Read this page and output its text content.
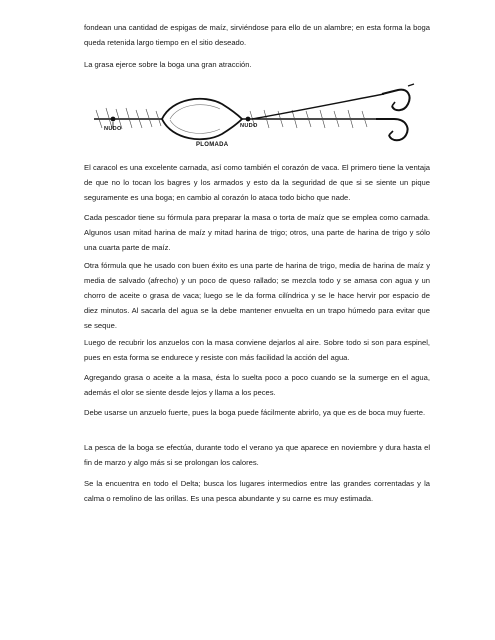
fondean una cantidad de espigas de maíz, sirviéndose para ello de un alambre; en esta forma la boga queda retenida largo tiempo en el sitio deseado.

La grasa ejerce sobre la boga una gran atracción.

NUDO	NUDO
PLOMADA

El caracol es una excelente carnada, así como también el corazón de vaca. El primero tiene la ventaja de que no lo tocan los bagres y los armados y esto da la seguridad de que si se siente un pique seguramente es una boga; en cambio al corazón lo ataca todo bicho que nade.

Cada pescador tiene su fórmula para preparar la masa o torta de maíz que se emplea como carnada. Algunos usan mitad harina de maíz y mitad harina de trigo; otros, una parte de harina de trigo y sólo una cuarta parte de maíz.

Otra fórmula que he usado con buen éxito es una parte de harina de trigo, media de harina de maíz y media de salvado (afrecho) y un poco de queso rallado; se mezcla todo y se amasa con agua y un chorro de aceite o grasa de vaca; luego se le da forma cilíndrica y se le hace hervir por espacio de diez minutos. Al sacarla del agua se la debe mantener envuelta en un trapo húmedo para evitar que se seque.

Luego de recubrir los anzuelos con la masa conviene dejarlos al aire. Sobre todo si son para espinel, pues en esta forma se endurece y resiste con más facilidad la acción del agua.

Agregando grasa o aceite a la masa, ésta lo suelta poco a poco cuando se la sumerge en el agua, además el olor se siente desde lejos y llama a los peces.

Debe usarse un anzuelo fuerte, pues la boga puede fácilmente abrirlo, ya que es de boca muy fuerte.

La pesca de la boga se efectúa, durante todo el verano ya que aparece en noviembre y dura hasta el fin de marzo y algo más si se prolongan los calores.

Se la encuentra en todo el Delta; busca los lugares intermedios entre las grandes correntadas y la calma o remolino de las orillas. Es una pesca abundante y su carne es muy estimada.
